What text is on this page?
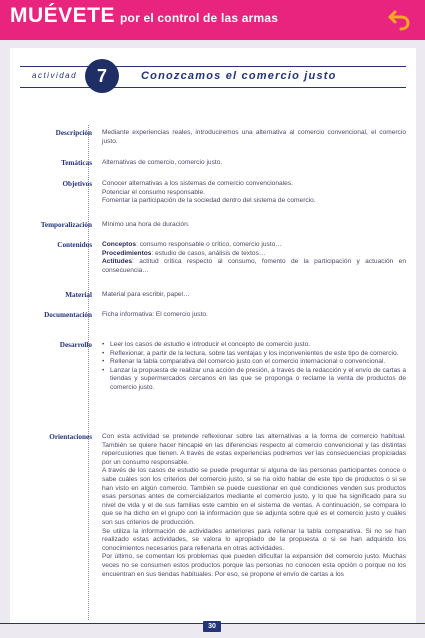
MUÉVETE por el control de las armas
actividad	7	Conozcamos el comercio justo
Descripción Mediante experiencias reales, introduciremos una alternativa al comercio convencional, el comercio justo.
Temáticas Alternativas de comercio, comercio justo.
Objetivos Conocer alternativas a los sistemas de comercio convencionales.

Potenciar el consumo responsable.

Fomentar la participación de la sociedad dentro del sistema de comercio.

Temporalización Mínimo una hora de duración.
Contenidos Conceptos: consumo responsable o crítico, comercio justo…

Procedimientos: estudio de casos, análisis de textos…

Actitudes: actitud crítica respecto al consumo, fomento de la participación y actuación en consecuencia…

Material Material para escribir, papel…
Documentación Ficha informativa: El comercio justo.
Desarrollo
•	Leer los casos de estudio e introducir el concepto de comercio justo.
• Reflexionar, a partir de la lectura, sobre las ventajas y los inconvenientes de este tipo de comercio.
• Rellenar la tabla comparativa del comercio justo con el comercio internacional o convencional.
• Lanzar la propuesta de realizar una acción de presión, a través de la redacción y el envío de cartas a tiendas y supermercados cercanos en las que se proponga o reclame la venta de productos de comercio justo.
Orientaciones Con esta actividad se pretende reflexionar sobre las alternativas a la forma de comercio habitual. También se quiere hacer hincapié en las diferencias respecto al comercio convencional y las distintas repercusiones que tienen. A través de estas experiencias podremos ver las consecuencias propiciadas por un consumo responsable.

A través de los casos de estudio se puede preguntar si alguna de las personas participantes conoce o sabe cuáles son los criterios del comercio justo, si se ha oído hablar de este tipo de productos o si se han visto en algún comercio. También se puede cuestionar en qué condiciones venden sus productos esas personas antes de comercializarlos mediante el comercio justo, y lo que ha significado para su nivel de vida y el de sus familias este cambio en el sistema de ventas. A continuación, se compara lo que se ha dicho en el grupo con la información que se adjunta sobre qué es el comercio justo y cuáles son sus criterios de producción.

Se utiliza la información de actividades anteriores para rellenar la tabla comparativa. Si no se han realizado estas actividades, se valora lo apropiado de la propuesta o si se han adquirido los conocimientos necesarios para rellenarla en otras actividades.

Por último, se comentan los problemas que pueden dificultar la expansión del comercio justo. Muchas veces no se consumen estos productos porque las personas no conocen esta opción o porque no los encuentran en sus tiendas habituales. Por eso, se propone el envío de cartas a los

30
